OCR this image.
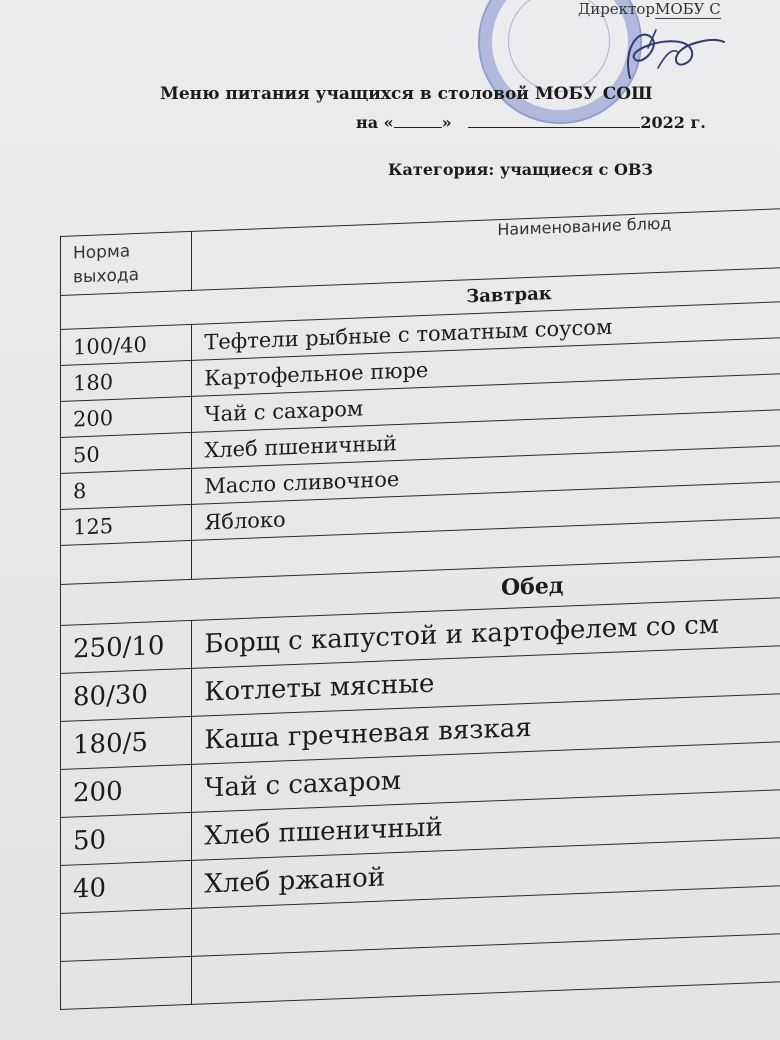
ДиректорМОБУ С
Меню питания учащихся в столовой МОБУ СОШ
на «	»	2022 г.
Категория: учащиеся с ОВЗ
Норма выхода	Наименование блюд
Завтрак	
100/40	Тефтели рыбные с томатным соусом
180	Картофельное пюре
200	Чай с сахаром
50	Хлеб пшеничный
8	Масло сливочное
125	Яблоко

Обед	
250/10	Борщ с капустой и картофелем со см
80/30	Котлеты мясные
180/5	Каша гречневая вязкая
200	Чай с сахаром
50	Хлеб пшеничный
40	Хлеб ржаной
